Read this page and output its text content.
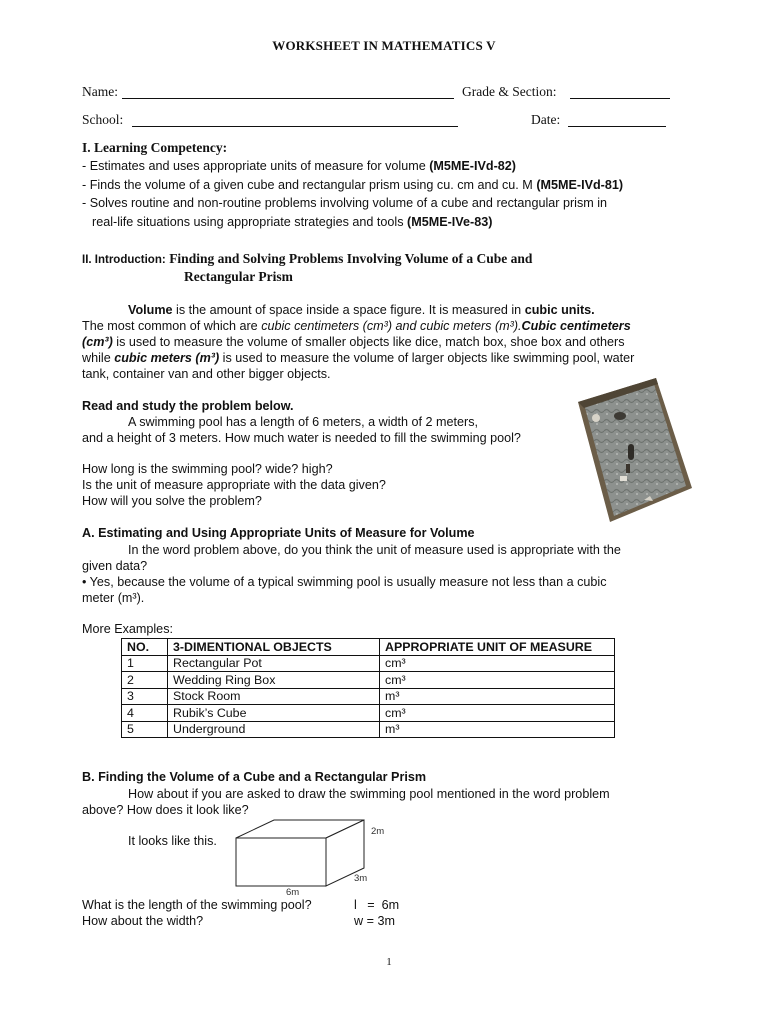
WORKSHEET IN MATHEMATICS V
Name:	Grade & Section:
School:	Date:
I. Learning Competency:
- Estimates and uses appropriate units of measure for volume (M5ME-IVd-82)
- Finds the volume of a given cube and rectangular prism using cu. cm and cu. M (M5ME-IVd-81)
- Solves routine and non-routine problems involving volume of a cube and rectangular prism in
real-life situations using appropriate strategies and tools (M5ME-IVe-83)
II. Introduction: Finding and Solving Problems Involving Volume of a Cube and
Rectangular Prism
Volume is the amount of space inside a space figure. It is measured in cubic units.
The most common of which are cubic centimeters (cm³) and cubic meters (m³).Cubic centimeters
(cm³) is used to measure the volume of smaller objects like dice, match box, shoe box and others
while cubic meters (m³) is used to measure the volume of larger objects like swimming pool, water
tank, container van and other bigger objects.
Read and study the problem below.
A swimming pool has a length of 6 meters, a width of 2 meters,
and a height of 3 meters. How much water is needed to fill the swimming pool?
How long is the swimming pool? wide? high?
Is the unit of measure appropriate with the data given?
How will you solve the problem?
A. Estimating and Using Appropriate Units of Measure for Volume
In the word problem above, do you think the unit of measure used is appropriate with the
given data?
• Yes, because the volume of a typical swimming pool is usually measure not less than a cubic
meter (m³).
More Examples:
NO.	3-DIMENTIONAL OBJECTS	APPROPRIATE UNIT OF MEASURE
1	Rectangular Pot	cm³
2	Wedding Ring Box	cm³
3	Stock Room	m³
4	Rubik’s Cube	cm³
5	Underground	m³
B. Finding the Volume of a Cube and a Rectangular Prism
How about if you are asked to draw the swimming pool mentioned in the word problem
above? How does it look like?
It looks like this.
2m
3m
6m
What is the length of the swimming pool?	l   =  6m
How about the width?	w = 3m
1
